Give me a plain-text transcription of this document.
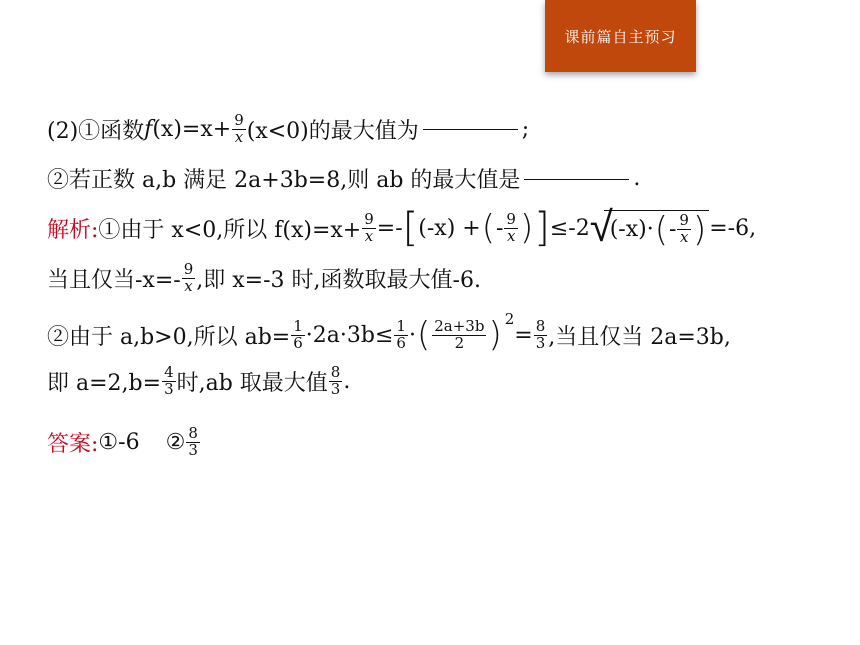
课前篇自主预习
(2)①函数 f $(x)=x+ \frac{9}{x} (x<0)$的最大值为	;
②若正数 a,b 满足 2a+3b=8,则 ab 的最大值是	.
解析: ①由于 x<0,所以 $f(x)=x+ \frac{9}{x}$ =- [ (-x) + ( - $\frac{9}{x}$ ) ] ≤-2 √
(-x)· ( - $\frac{9}{x}$ ) =-6,
当且仅当$-x=- \frac{9}{x}$ ,即 x=-3 时,函数取最大值-6.
②由于 a,b>0,所以 $ab= \frac{1}{6} \cdot 2a\cdot 3b\le \frac{1}{6}$ · ( $\frac{2a+3b}{2}$ ) 2
= $\frac{8}{3}$ ,当且仅当 2a=3b,
即 $a=2,b= \frac{4}{3}$ 时,ab 取最大值 $\frac{8}{3}$ .
答案: ①-6 ② $\frac{8}{3}$
